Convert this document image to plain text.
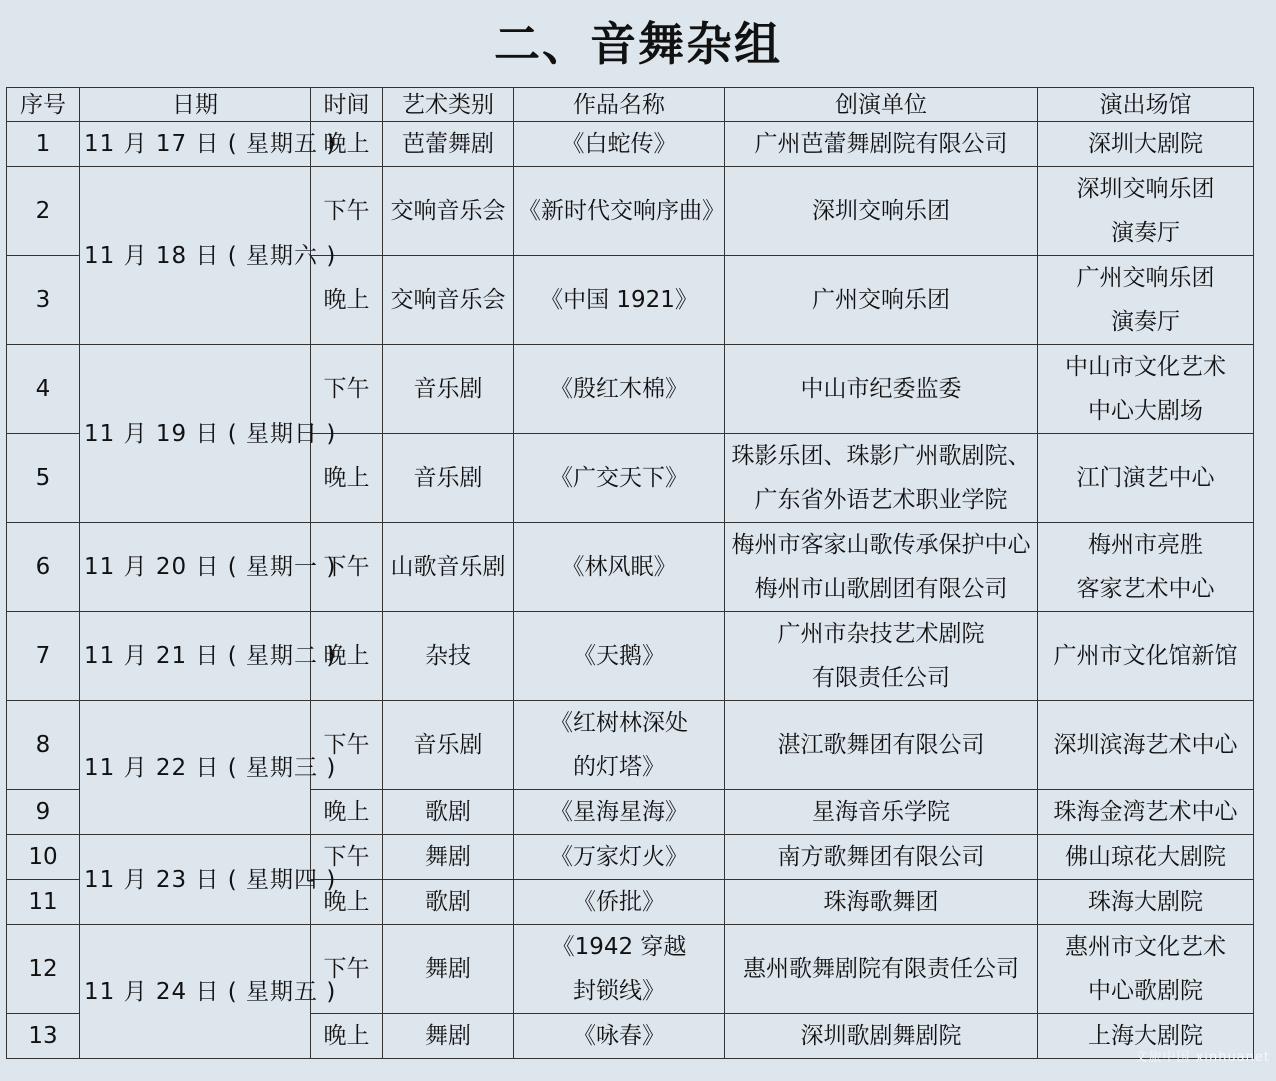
二、音舞杂组
序号	日期	时间	艺术类别	作品名称	创演单位	演出场馆
1	11 月 17 日 ( 星期五 )	晚上	芭蕾舞剧	《白蛇传》	广州芭蕾舞剧院有限公司	深圳大剧院

2	11 月 18 日 ( 星期六 )	下午	交响音乐会	《新时代交响序曲》	深圳交响乐团	深圳交响乐团
演奏厅

3		晚上	交响音乐会	《中国 1921》	广州交响乐团	广州交响乐团
演奏厅

4	11 月 19 日 ( 星期日 )	下午	音乐剧	《殷红木棉》	中山市纪委监委	中山市文化艺术
中心大剧场

5		晚上	音乐剧	《广交天下》	珠影乐团、珠影广州歌剧院、
广东省外语艺术职业学院	江门演艺中心

6	11 月 20 日 ( 星期一 )	下午	山歌音乐剧	《林风眠》	梅州市客家山歌传承保护中心
梅州市山歌剧团有限公司	梅州市亮胜
客家艺术中心

7	11 月 21 日 ( 星期二 )	晚上	杂技	《天鹅》	广州市杂技艺术剧院
有限责任公司	广州市文化馆新馆

8	11 月 22 日 ( 星期三 )	下午	音乐剧	《红树林深处
的灯塔》	湛江歌舞团有限公司	深圳滨海艺术中心

9		晚上	歌剧	《星海星海》	星海音乐学院	珠海金湾艺术中心

10	11 月 23 日 ( 星期四 )	下午	舞剧	《万家灯火》	南方歌舞团有限公司	佛山琼花大剧院

11		晚上	歌剧	《侨批》	珠海歌舞团	珠海大剧院

12	11 月 24 日 ( 星期五 )	下午	舞剧	《1942 穿越
封锁线》	惠州歌舞剧院有限责任公司	惠州市文化艺术
中心歌剧院

13		晚上	舞剧	《咏春》	深圳歌剧舞剧院	上海大剧院
文旅中国 xinhuanet
